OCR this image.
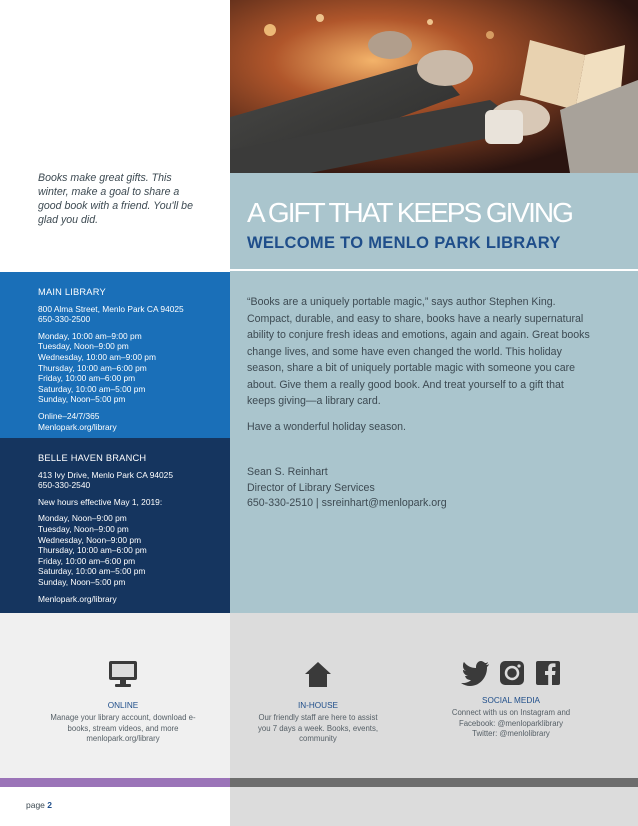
Books make great gifts. This winter, make a goal to share a good book with a friend. You'll be glad you did.	A GIFT THAT KEEPS GIVING
WELCOME TO MENLO PARK LIBRARY

“Books are a uniquely portable magic,” says author Stephen King. Compact, durable, and easy to share, books have a nearly supernatural ability to conjure fresh ideas and emotions, again and again. Great books change lives, and some have even changed the world. This holiday season, share a bit of uniquely portable magic with someone you care about. Give them a really good book. And treat yourself to a gift that keeps giving—a library card.

Have a wonderful holiday season.

Sean S. Reinhart
Director of Library Services
650-330-2510 | ssreinhart@menlopark.org
MAIN LIBRARY
800 Alma Street, Menlo Park CA 94025
650-330-2500
Monday, 10:00 am–9:00 pm
Tuesday, Noon–9:00 pm
Wednesday, 10:00 am–9:00 pm
Thursday, 10:00 am–6:00 pm
Friday, 10:00 am–6:00 pm
Saturday, 10:00 am–5:00 pm
Sunday, Noon–5:00 pm
Online–24/7/365
Menlopark.org/library
BELLE HAVEN BRANCH
413 Ivy Drive, Menlo Park CA 94025
650-330-2540
New hours effective May 1, 2019:
Monday, Noon–9:00 pm
Tuesday, Noon–9:00 pm
Wednesday, Noon–9:00 pm
Thursday, 10:00 am–6:00 pm
Friday, 10:00 am–6:00 pm
Saturday, 10:00 am–5:00 pm
Sunday, Noon–5:00 pm
Menlopark.org/library
ONLINE
Manage your library account, download e-books, stream videos, and more menlopark.org/library
IN-HOUSE
Our friendly staff are here to assist you 7 days a week. Books, events, community

SOCIAL MEDIA
Connect with us on Instagram and
Facebook: @menloparklibrary
Twitter: @menlolibrary
page 2
